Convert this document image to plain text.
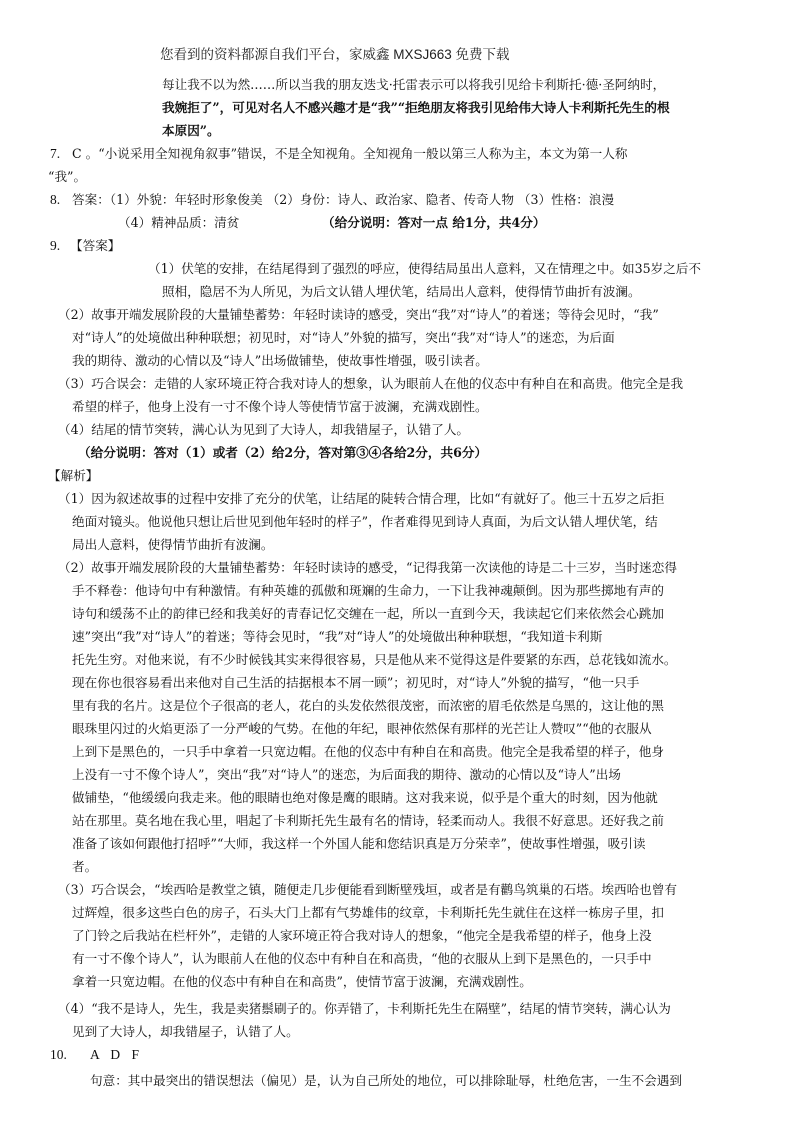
您看到的资料都源自我们平台，家威鑫 MXSJ663 免费下载
每让我不以为然……所以当我的朋友迭戈·托雷表示可以将我引见给卡利斯托·德·圣阿纳时，
我婉拒了”，可见对名人不感兴趣才是“我”“拒绝朋友将我引见给伟大诗人卡利斯托先生的根
本原因”。
7. C 。“小说采用全知视角叙事”错误，不是全知视角。全知视角一般以第三人称为主，本文为第一人称
“我”。
8. 答案：（1）外貌：年轻时形象俊美 （2）身份：诗人、政治家、隐者、传奇人物 （3）性格：浪漫
（4）精神品质：清贫	（给分说明：答对一点 给1分，共4分）
9. 【答案】
（1）伏笔的安排，在结尾得到了强烈的呼应，使得结局虽出人意料，又在情理之中。如35岁之后不
照相，隐居不为人所见，为后文认错人埋伏笔，结局出人意料，使得情节曲折有波澜。
（2）故事开端发展阶段的大量铺垫蓄势：年轻时读诗的感受，突出“我”对“诗人”的着迷；等待会见时，“我”
对“诗人”的处境做出种种联想；初见时，对“诗人”外貌的描写，突出“我”对“诗人”的迷恋，为后面
我的期待、激动的心情以及“诗人”出场做铺垫，使故事性增强，吸引读者。
（3）巧合误会：走错的人家环境正符合我对诗人的想象，认为眼前人在他的仪态中有种自在和高贵。他完全是我
希望的样子，他身上没有一寸不像个诗人等使情节富于波澜，充满戏剧性。
（4）结尾的情节突转，满心认为见到了大诗人，却我错屋子，认错了人。
（给分说明：答对（1）或者（2）给2分，答对第③④各给2分，共6分）
【解析】
（1）因为叙述故事的过程中安排了充分的伏笔，让结尾的陡转合情合理，比如“有就好了。他三十五岁之后拒
绝面对镜头。他说他只想让后世见到他年轻时的样子”，作者难得见到诗人真面，为后文认错人埋伏笔，结
局出人意料，使得情节曲折有波澜。
（2）故事开端发展阶段的大量铺垫蓄势：年轻时读诗的感受，“记得我第一次读他的诗是二十三岁，当时迷恋得
手不释卷：他诗句中有种激情。有种英雄的孤傲和斑斓的生命力，一下让我神魂颠倒。因为那些掷地有声的
诗句和缓荡不止的韵律已经和我美好的青春记忆交缠在一起，所以一直到今天，我读起它们来依然会心跳加
速”突出“我”对“诗人”的着迷；等待会见时，“我”对“诗人”的处境做出种种联想，“我知道卡利斯
托先生穷。对他来说，有不少时候钱其实来得很容易，只是他从来不觉得这是件要紧的东西，总花钱如流水。
现在你也很容易看出来他对自己生活的拮据根本不屑一顾”；初见时，对“诗人”外貌的描写，“他一只手
里有我的名片。这是位个子很高的老人，花白的头发依然很茂密，而浓密的眉毛依然是乌黑的，这让他的黑
眼珠里闪过的火焰更添了一分严峻的气势。在他的年纪，眼神依然保有那样的光芒让人赞叹”“他的衣服从
上到下是黑色的，一只手中拿着一只宽边帽。在他的仪态中有种自在和高贵。他完全是我希望的样子，他身
上没有一寸不像个诗人”，突出“我”对“诗人”的迷恋，为后面我的期待、激动的心情以及“诗人”出场
做铺垫，“他缓缓向我走来。他的眼睛也绝对像是鹰的眼睛。这对我来说，似乎是个重大的时刻，因为他就
站在那里。莫名地在我心里，唱起了卡利斯托先生最有名的情诗，轻柔而动人。我很不好意思。还好我之前
准备了该如何跟他打招呼”“大师，我这样一个外国人能和您结识真是万分荣幸”，使故事性增强，吸引读
者。
（3）巧合误会，“埃西哈是教堂之镇，随便走几步便能看到断壁残垣，或者是有鹳鸟筑巢的石塔。埃西哈也曾有
过辉煌，很多这些白色的房子，石头大门上都有气势雄伟的纹章，卡利斯托先生就住在这样一栋房子里，扣
了门铃之后我站在栏杆外”，走错的人家环境正符合我对诗人的想象，“他完全是我希望的样子，他身上没
有一寸不像个诗人”，认为眼前人在他的仪态中有种自在和高贵，“他的衣服从上到下是黑色的，一只手中
拿着一只宽边帽。在他的仪态中有种自在和高贵”，使情节富于波澜，充满戏剧性。
（4）“我不是诗人，先生，我是卖猪鬃刷子的。你弄错了，卡利斯托先生在隔壁”，结尾的情节突转，满心认为
见到了大诗人，却我错屋子，认错了人。
10. A D F
句意：其中最突出的错误想法（偏见）是，认为自己所处的地位，可以排除耻辱，杜绝危害，一生不会遇到
